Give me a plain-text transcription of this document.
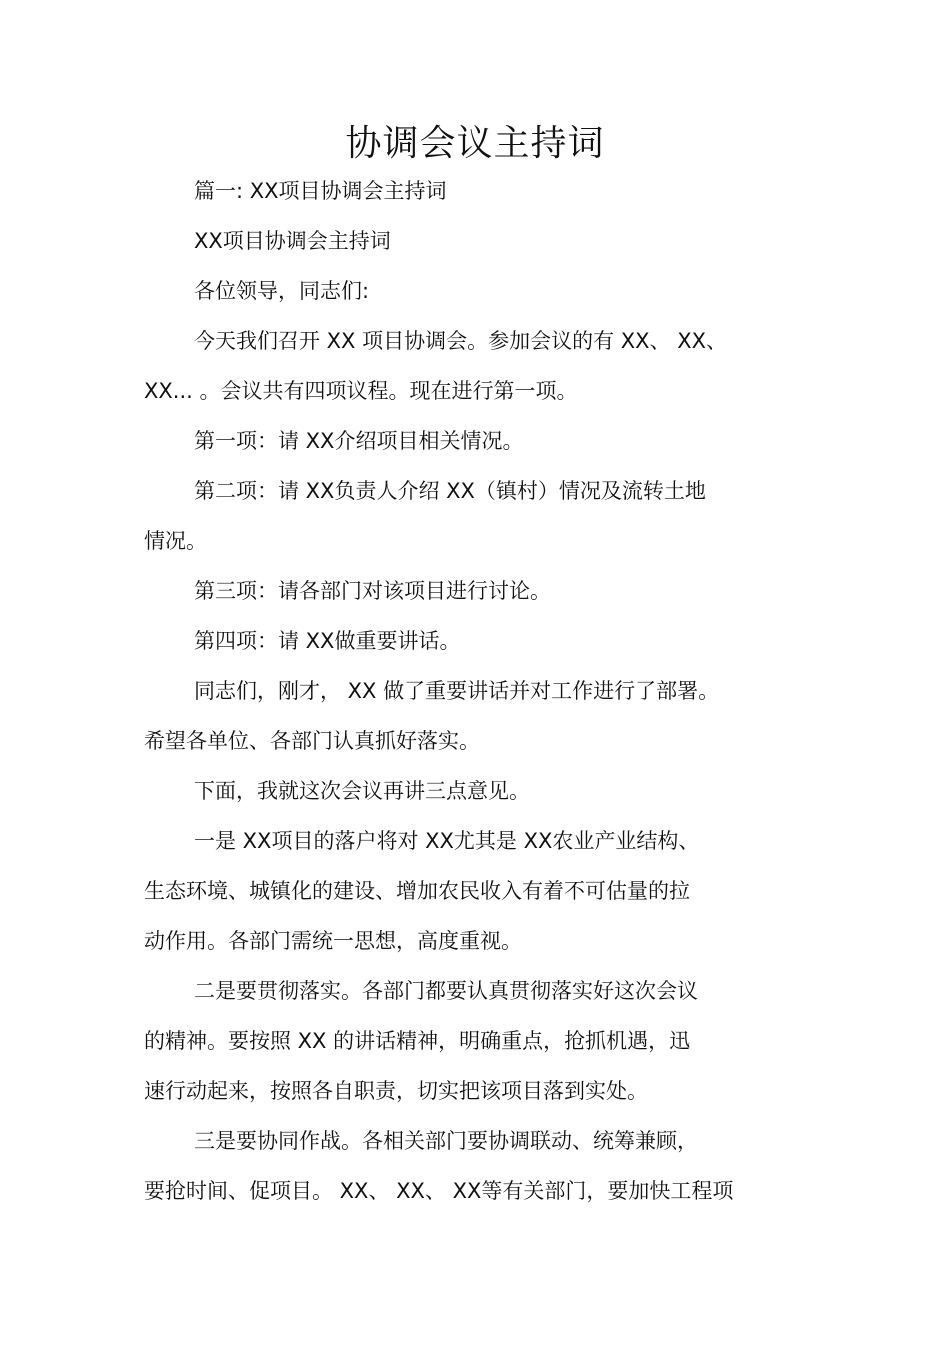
协调会议主持词
篇一: XX项目协调会主持词
XX项目协调会主持词
各位领导，同志们:
今天我们召开 XX 项目协调会。参加会议的有 XX、 XX、
XX... 。会议共有四项议程。现在进行第一项。
第一项：请 XX介绍项目相关情况。
第二项：请 XX负责人介绍 XX（镇村）情况及流转土地
情况。
第三项：请各部门对该项目进行讨论。
第四项：请 XX做重要讲话。
同志们，刚才， XX 做了重要讲话并对工作进行了部署。
希望各单位、各部门认真抓好落实。
下面，我就这次会议再讲三点意见。
一是 XX项目的落户将对 XX尤其是 XX农业产业结构、
生态环境、城镇化的建设、增加农民收入有着不可估量的拉
动作用。各部门需统一思想，高度重视。
二是要贯彻落实。各部门都要认真贯彻落实好这次会议
的精神。要按照 XX 的讲话精神，明确重点，抢抓机遇，迅
速行动起来，按照各自职责，切实把该项目落到实处。
三是要协同作战。各相关部门要协调联动、统筹兼顾，
要抢时间、促项目。 XX、 XX、 XX等有关部门，要加快工程项
